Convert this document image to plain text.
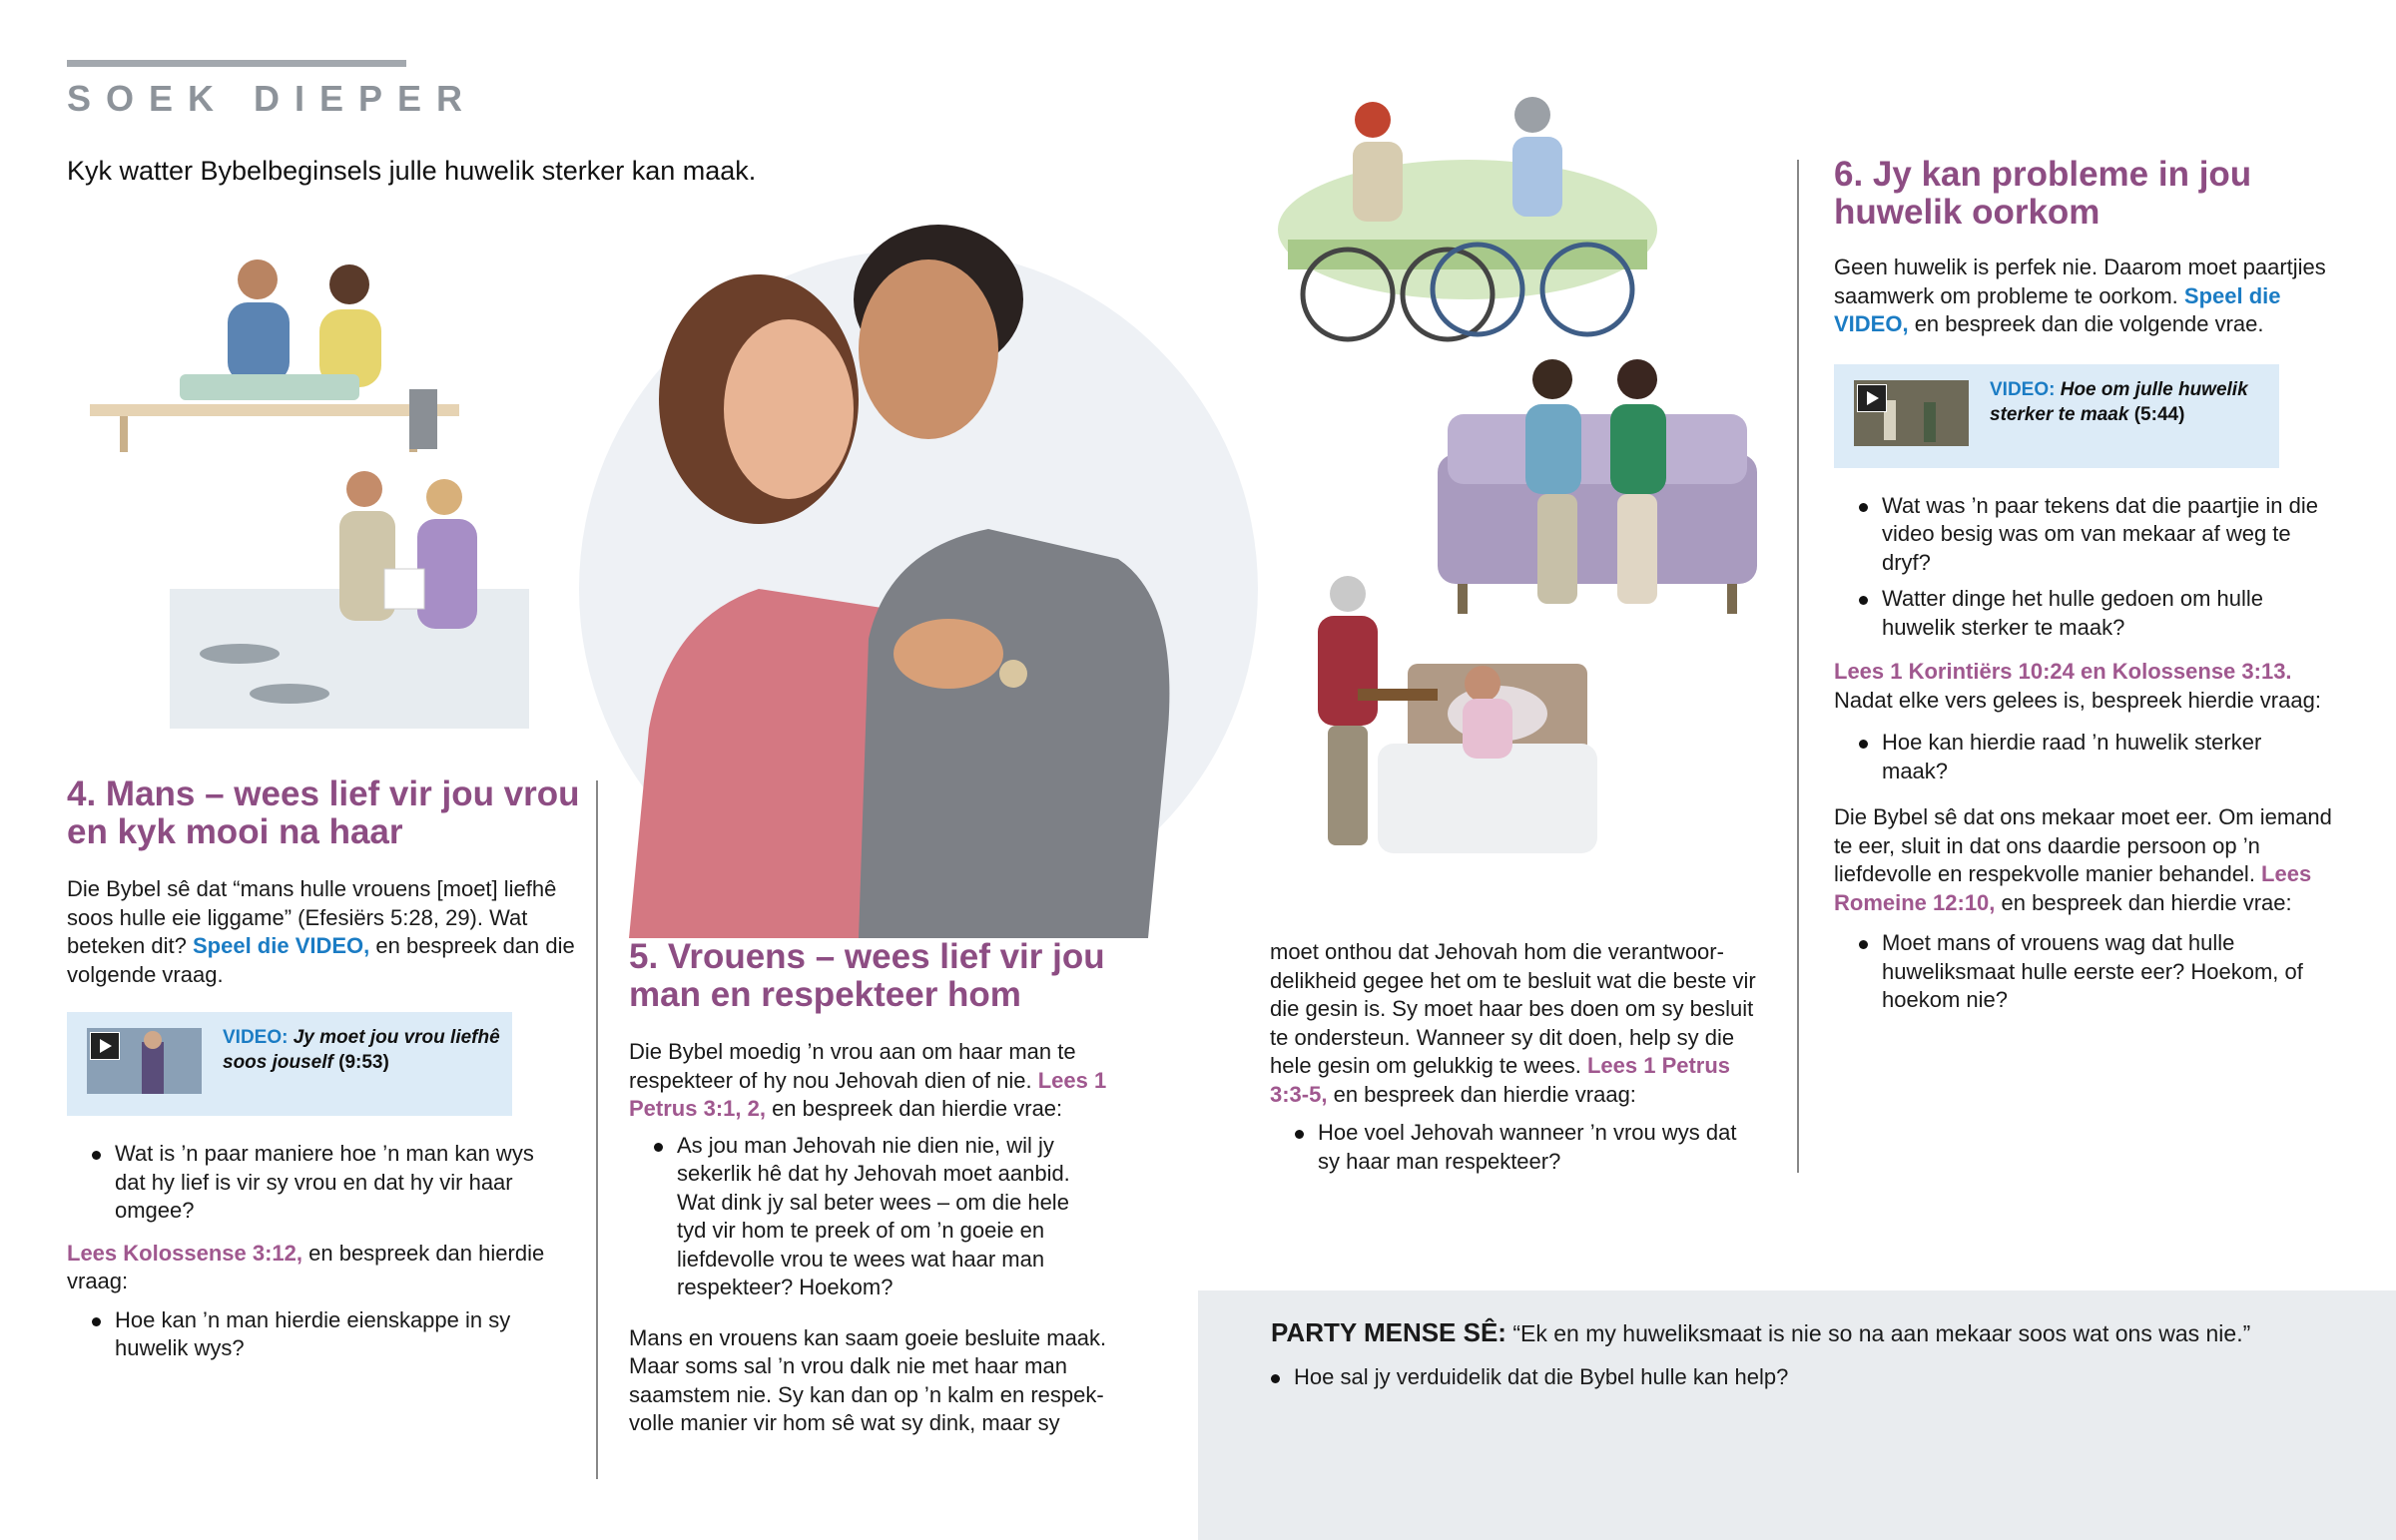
SOEK DIEPER
Kyk watter Bybelbeginsels julle huwelik sterker kan maak.
4. Mans – wees lief vir jou vrou en kyk mooi na haar

Die Bybel sê dat “mans hulle vrouens [moet] liefhê soos hulle eie liggame” (Efesiërs 5:28, 29). Wat beteken dit? Speel die VIDEO, en bespreek dan die volgende vraag.

VIDEO: Jy moet jou vrou liefhê soos jouself (9:53)
Wat is ’n paar maniere hoe ’n man kan wys dat hy lief is vir sy vrou en dat hy vir haar omgee?

Lees Kolossense 3:12, en bespreek dan hierdie vraag:

Hoe kan ’n man hierdie eienskappe in sy huwelik wys?
5. Vrouens – wees lief vir jou man en respekteer hom

Die Bybel moedig ’n vrou aan om haar man te respekteer of hy nou Jehovah dien of nie. Lees 1 Petrus 3:1, 2, en bespreek dan hierdie vrae:

As jou man Jehovah nie dien nie, wil jy sekerlik hê dat hy Jehovah moet aanbid. Wat dink jy sal beter wees – om die hele tyd vir hom te preek of om ’n goeie en liefdevolle vrou te wees wat haar man respekteer? Hoekom?

Mans en vrouens kan saam goeie besluite maak. Maar soms sal ’n vrou dalk nie met haar man saamstem nie. Sy kan dan op ’n kalm en respek-volle manier vir hom sê wat sy dink, maar sy

moet onthou dat Jehovah hom die verantwoor-delikheid gegee het om te besluit wat die beste vir die gesin is. Sy moet haar bes doen om sy besluit te ondersteun. Wanneer sy dit doen, help sy die hele gesin om gelukkig te wees. Lees 1 Petrus 3:3-5, en bespreek dan hierdie vraag:

Hoe voel Jehovah wanneer ’n vrou wys dat sy haar man respekteer?
6. Jy kan probleme in jou huwelik oorkom

Geen huwelik is perfek nie. Daarom moet paartjies saamwerk om probleme te oorkom. Speel die VIDEO, en bespreek dan die volgende vrae.

VIDEO: Hoe om julle huwelik sterker te maak (5:44)
Wat was ’n paar tekens dat die paartjie in die video besig was om van mekaar af weg te dryf?
Watter dinge het hulle gedoen om hulle huwelik sterker te maak?

Lees 1 Korintiërs 10:24 en Kolossense 3:13. Nadat elke vers gelees is, bespreek hierdie vraag:

Hoe kan hierdie raad ’n huwelik sterker maak?

Die Bybel sê dat ons mekaar moet eer. Om iemand te eer, sluit in dat ons daardie persoon op ’n liefdevolle en respekvolle manier behandel. Lees Romeine 12:10, en bespreek dan hierdie vrae:

Moet mans of vrouens wag dat hulle huweliksmaat hulle eerste eer? Hoekom, of hoekom nie?

PARTY MENSE SÊ: “Ek en my huweliksmaat is nie so na aan mekaar soos wat ons was nie.”

Hoe sal jy verduidelik dat die Bybel hulle kan help?
